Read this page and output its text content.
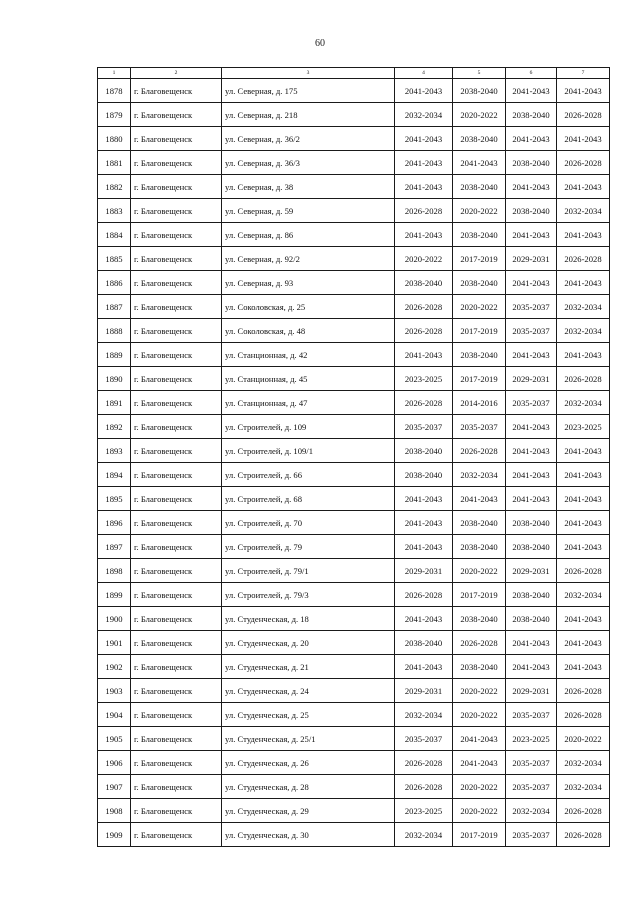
60
1	2	3	4	5	6	7
1878	г. Благовещенск	ул. Северная, д. 175	2041-2043	2038-2040	2041-2043	2041-2043
1879	г. Благовещенск	ул. Северная, д. 218	2032-2034	2020-2022	2038-2040	2026-2028
1880	г. Благовещенск	ул. Северная, д. 36/2	2041-2043	2038-2040	2041-2043	2041-2043
1881	г. Благовещенск	ул. Северная, д. 36/3	2041-2043	2041-2043	2038-2040	2026-2028
1882	г. Благовещенск	ул. Северная, д. 38	2041-2043	2038-2040	2041-2043	2041-2043
1883	г. Благовещенск	ул. Северная, д. 59	2026-2028	2020-2022	2038-2040	2032-2034
1884	г. Благовещенск	ул. Северная, д. 86	2041-2043	2038-2040	2041-2043	2041-2043
1885	г. Благовещенск	ул. Северная, д. 92/2	2020-2022	2017-2019	2029-2031	2026-2028
1886	г. Благовещенск	ул. Северная, д. 93	2038-2040	2038-2040	2041-2043	2041-2043
1887	г. Благовещенск	ул. Соколовская, д. 25	2026-2028	2020-2022	2035-2037	2032-2034
1888	г. Благовещенск	ул. Соколовская, д. 48	2026-2028	2017-2019	2035-2037	2032-2034
1889	г. Благовещенск	ул. Станционная, д. 42	2041-2043	2038-2040	2041-2043	2041-2043
1890	г. Благовещенск	ул. Станционная, д. 45	2023-2025	2017-2019	2029-2031	2026-2028
1891	г. Благовещенск	ул. Станционная, д. 47	2026-2028	2014-2016	2035-2037	2032-2034
1892	г. Благовещенск	ул. Строителей, д. 109	2035-2037	2035-2037	2041-2043	2023-2025
1893	г. Благовещенск	ул. Строителей, д. 109/1	2038-2040	2026-2028	2041-2043	2041-2043
1894	г. Благовещенск	ул. Строителей, д. 66	2038-2040	2032-2034	2041-2043	2041-2043
1895	г. Благовещенск	ул. Строителей, д. 68	2041-2043	2041-2043	2041-2043	2041-2043
1896	г. Благовещенск	ул. Строителей, д. 70	2041-2043	2038-2040	2038-2040	2041-2043
1897	г. Благовещенск	ул. Строителей, д. 79	2041-2043	2038-2040	2038-2040	2041-2043
1898	г. Благовещенск	ул. Строителей, д. 79/1	2029-2031	2020-2022	2029-2031	2026-2028
1899	г. Благовещенск	ул. Строителей, д. 79/3	2026-2028	2017-2019	2038-2040	2032-2034
1900	г. Благовещенск	ул. Студенческая, д. 18	2041-2043	2038-2040	2038-2040	2041-2043
1901	г. Благовещенск	ул. Студенческая, д. 20	2038-2040	2026-2028	2041-2043	2041-2043
1902	г. Благовещенск	ул. Студенческая, д. 21	2041-2043	2038-2040	2041-2043	2041-2043
1903	г. Благовещенск	ул. Студенческая, д. 24	2029-2031	2020-2022	2029-2031	2026-2028
1904	г. Благовещенск	ул. Студенческая, д. 25	2032-2034	2020-2022	2035-2037	2026-2028
1905	г. Благовещенск	ул. Студенческая, д. 25/1	2035-2037	2041-2043	2023-2025	2020-2022
1906	г. Благовещенск	ул. Студенческая, д. 26	2026-2028	2041-2043	2035-2037	2032-2034
1907	г. Благовещенск	ул. Студенческая, д. 28	2026-2028	2020-2022	2035-2037	2032-2034
1908	г. Благовещенск	ул. Студенческая, д. 29	2023-2025	2020-2022	2032-2034	2026-2028
1909	г. Благовещенск	ул. Студенческая, д. 30	2032-2034	2017-2019	2035-2037	2026-2028
